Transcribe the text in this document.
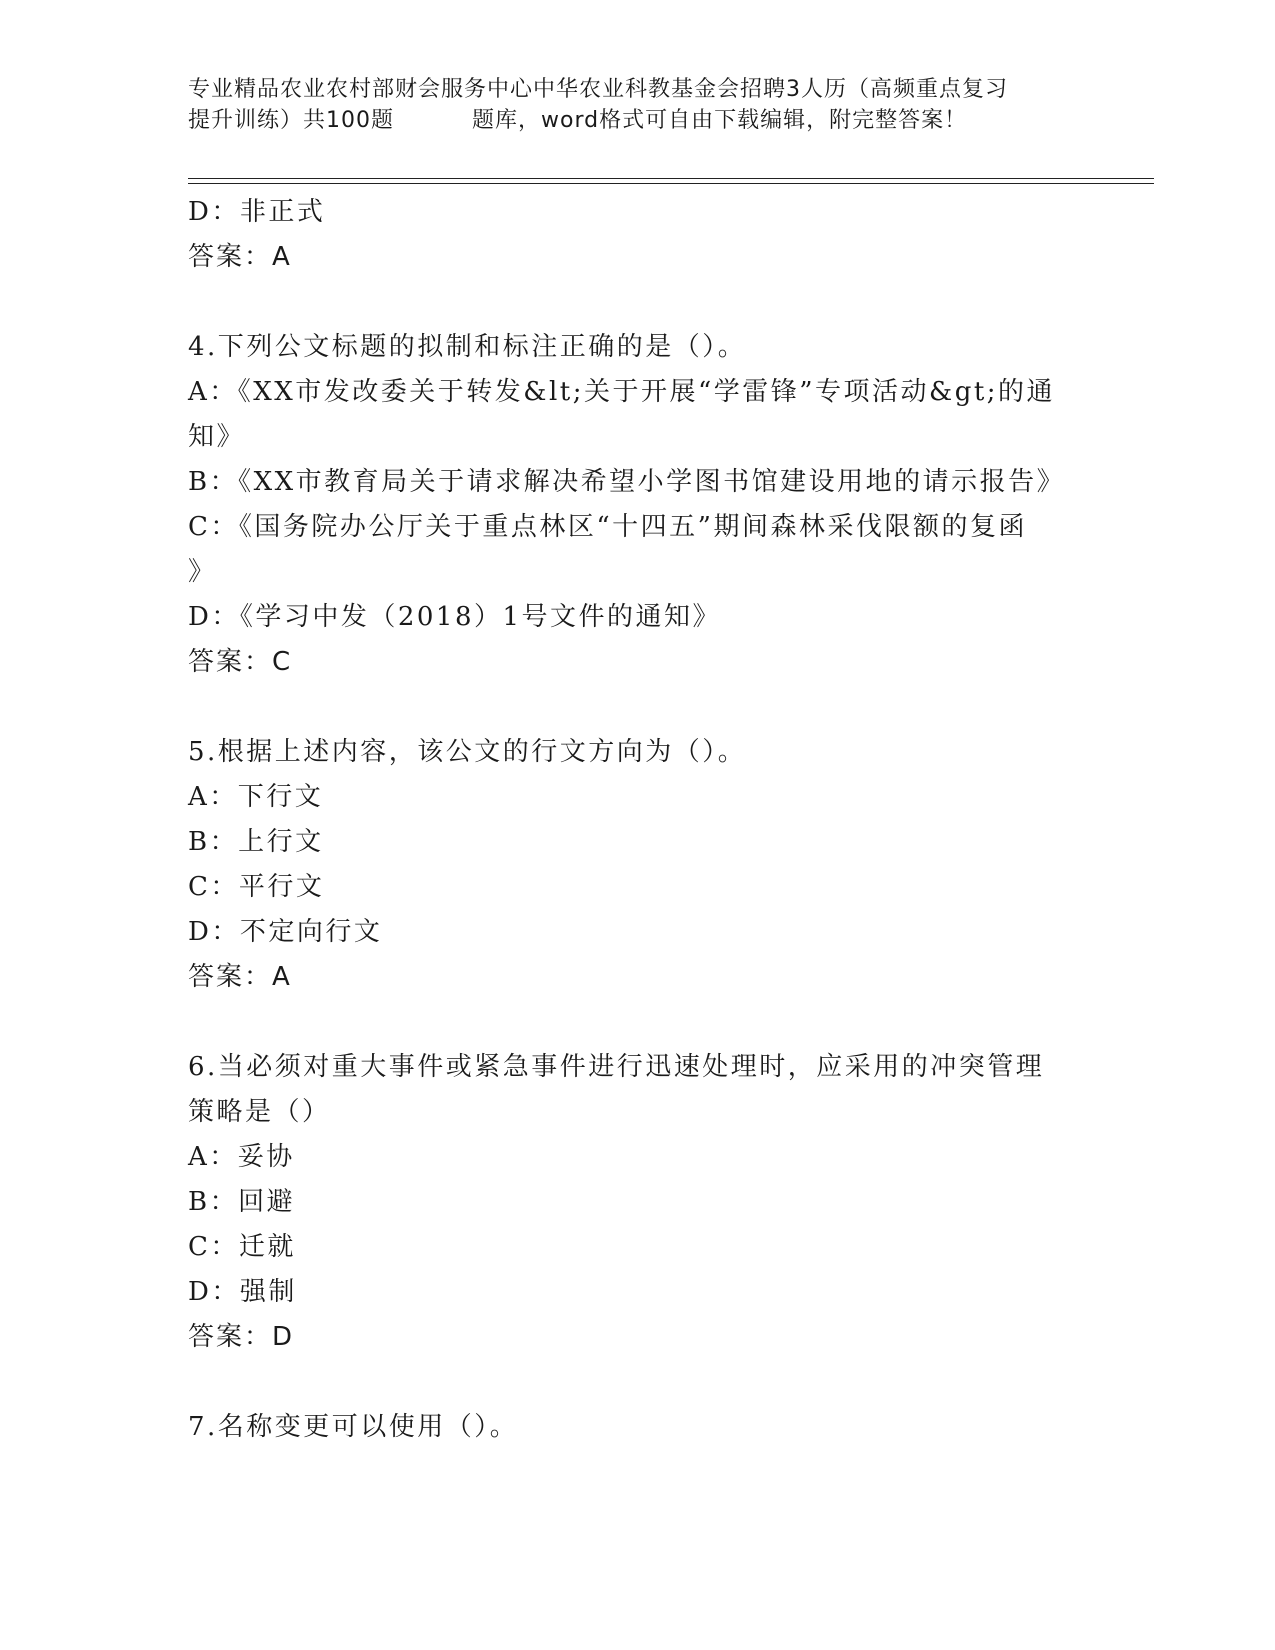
专业精品农业农村部财会服务中心中华农业科教基金会招聘3人历（高频重点复习
提升训练）共100题	题库，word格式可自由下载编辑，附完整答案！
D：非正式
答案：A
4.下列公文标题的拟制和标注正确的是（）。
A：《XX市发改委关于转发&lt;关于开展“学雷锋”专项活动&gt;的通
知》
B：《XX市教育局关于请求解决希望小学图书馆建设用地的请示报告》
C：《国务院办公厅关于重点林区“十四五”期间森林采伐限额的复函
》
D：《学习中发（2018）1号文件的通知》
答案：C
5.根据上述内容，该公文的行文方向为（）。
A：下行文
B：上行文
C：平行文
D：不定向行文
答案：A
6.当必须对重大事件或紧急事件进行迅速处理时，应采用的冲突管理
策略是（）
A：妥协
B：回避
C：迁就
D：强制
答案：D
7.名称变更可以使用（）。
